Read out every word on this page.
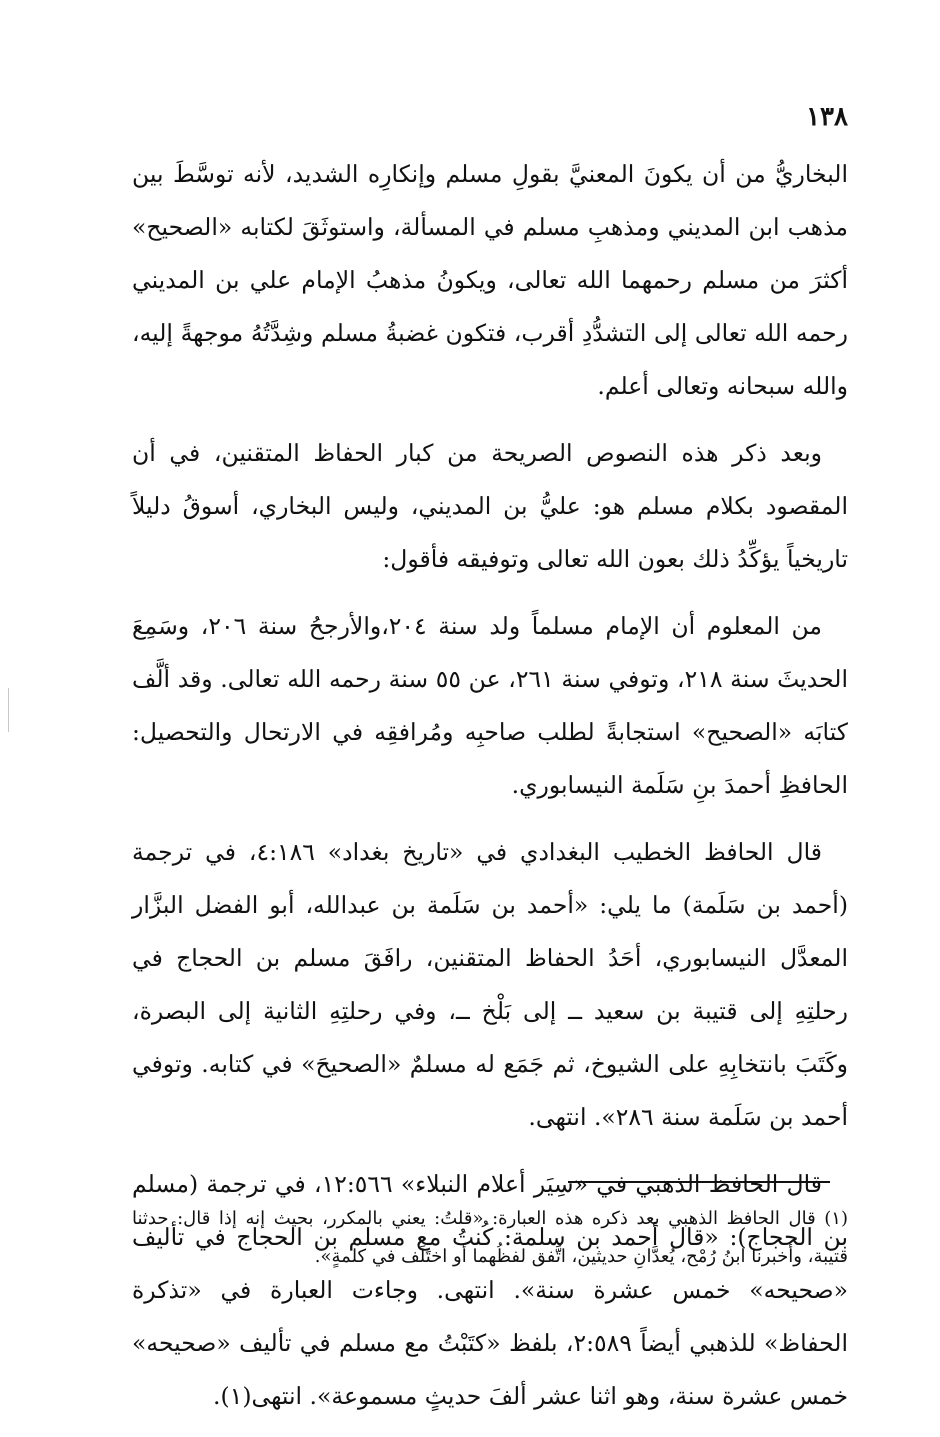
١٣٨

البخاريُّ من أن يكونَ المعنيَّ بقولِ مسلم وإنكارِه الشديد، لأنه توسَّطَ بين مذهب ابن المديني ومذهبِ مسلم في المسألة، واستوثَقَ لكتابه «الصحيح» أكثرَ من مسلم رحمهما الله تعالى، ويكونُ مذهبُ الإمام علي بن المديني رحمه الله تعالى إلى التشدُّدِ أقرب، فتكون غضبةُ مسلم وشِدَّتُهُ موجهةً إليه، والله سبحانه وتعالى أعلم.

وبعد ذكر هذه النصوص الصريحة من كبار الحفاظ المتقنين، في أن المقصود بكلام مسلم هو: عليُّ بن المديني، وليس البخاري، أسوقُ دليلاً تاريخياً يؤكِّدُ ذلك بعون الله تعالى وتوفيقه فأقول:

من المعلوم أن الإمام مسلماً ولد سنة ٢٠٤،والأرجحُ سنة ٢٠٦، وسَمِعَ الحديثَ سنة ٢١٨، وتوفي سنة ٢٦١، عن ٥٥ سنة رحمه الله تعالى. وقد ألَّف كتابَه «الصحيح» استجابةً لطلب صاحبِه ومُرافقِه في الارتحال والتحصيل: الحافظِ أحمدَ بنِ سَلَمة النيسابوري.

قال الحافظ الخطيب البغدادي في «تاريخ بغداد» ٤:١٨٦، في ترجمة (أحمد بن سَلَمة) ما يلي: «أحمد بن سَلَمة بن عبدالله، أبو الفضل البزَّار المعدَّل النيسابوري، أحَدُ الحفاظ المتقنين، رافَقَ مسلم بن الحجاج في رحلتِهِ إلى قتيبة بن سعيد ــ إلى بَلْخ ــ، وفي رحلتِهِ الثانية إلى البصرة، وكَتَبَ بانتخابِهِ على الشيوخ، ثم جَمَع له مسلمٌ «الصحيحَ» في كتابه. وتوفي أحمد بن سَلَمة سنة ٢٨٦». انتهى.

قال الحافظ الذهبي في «سِيَر أعلام النبلاء» ١٢:٥٦٦، في ترجمة (مسلم بن الحجاج): «قال أحمد بن سلمة: كُنتُ مع مسلم بن الحجاج في تأليف «صحيحه» خمس عشرة سنة». انتهى. وجاءت العبارة في «تذكرة الحفاظ» للذهبي أيضاً ٢:٥٨٩، بلفظ «كتَبْتُ مع مسلم في تأليف «صحيحه» خمس عشرة سنة، وهو اثنا عشر ألفَ حديثٍ مسموعة». انتهى(١).

(١) قال الحافظ الذهبي بعد ذكره هذه العبارة: «قلتُ: يعني بالمكرر، بحيث إنه إذا قال: حدثنا قتيبة، وأخبرنا ابنُ رُمْح، يُعدَّانِ حديثين، اتَّفق لفظُهما أو اختَلَف في كلمةٍ».
